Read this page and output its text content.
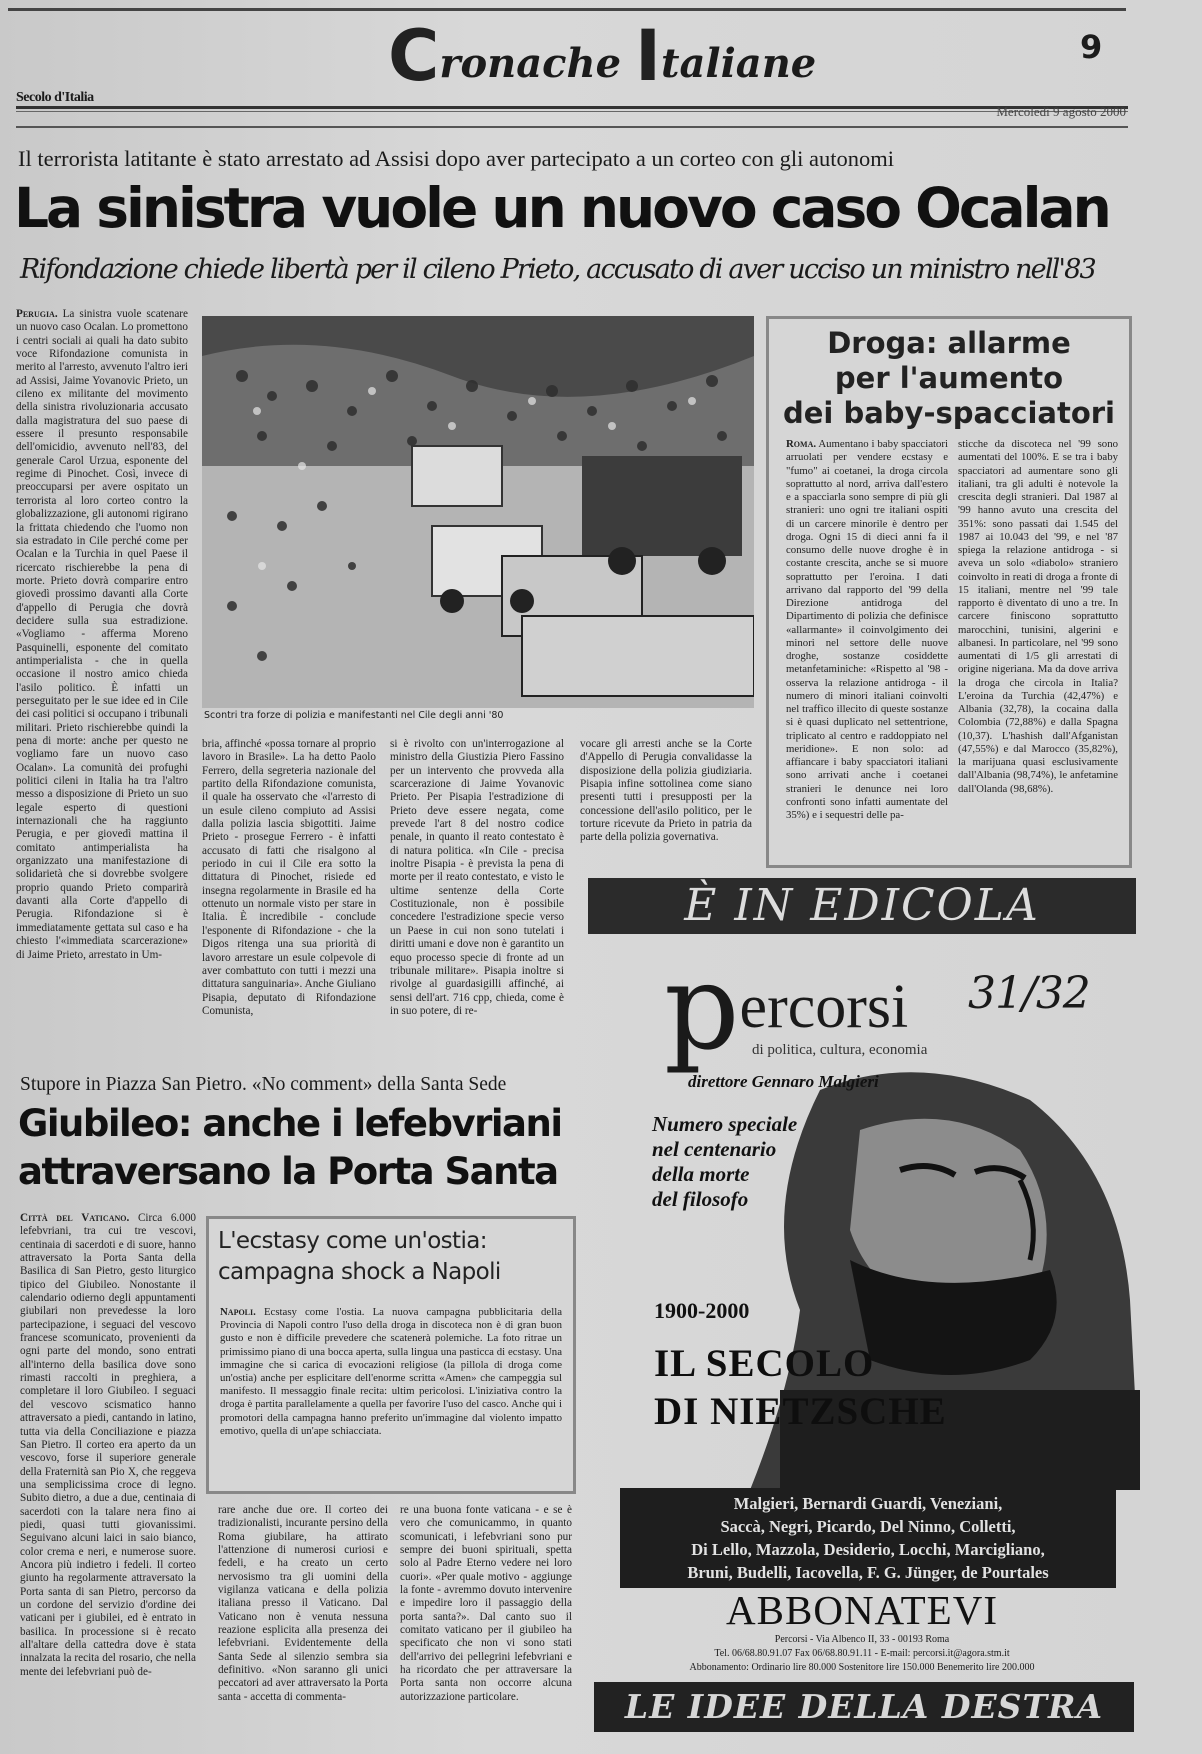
Cronache Italiane	9
Secolo d'Italia
Mercoledì 9 agosto 2000
Il terrorista latitante è stato arrestato ad Assisi dopo aver partecipato a un corteo con gli autonomi
La sinistra vuole un nuovo caso Ocalan
Rifondazione chiede libertà per il cileno Prieto, accusato di aver ucciso un ministro nell'83
Perugia. La sinistra vuole scatenare un nuovo caso Ocalan. Lo promettono i centri sociali ai quali ha dato subito voce Rifondazione comunista in merito al l'arresto, avvenuto l'altro ieri ad Assisi, Jaime Yovanovic Prieto, un cileno ex militante del movimento della sinistra rivoluzionaria accusato dalla magistratura del suo paese di essere il presunto responsabile dell'omicidio, avvenuto nell'83, del generale Carol Urzua, esponente del regime di Pinochet. Così, invece di preoccuparsi per avere ospitato un terrorista al loro corteo contro la globalizzazione, gli autonomi rigirano la frittata chiedendo che l'uomo non sia estradato in Cile perché come per Ocalan e la Turchia in quel Paese il ricercato rischierebbe la pena di morte. Prieto dovrà comparire entro giovedì prossimo davanti alla Corte d'appello di Perugia che dovrà decidere sulla sua estradizione. «Vogliamo - afferma Moreno Pasquinelli, esponente del comitato antimperialista - che in quella occasione il nostro amico chieda l'asilo politico. È infatti un perseguitato per le sue idee ed in Cile dei casi politici si occupano i tribunali militari. Prieto rischierebbe quindi la pena di morte: anche per questo ne vogliamo fare un nuovo caso Ocalan». La comunità dei profughi politici cileni in Italia ha tra l'altro messo a disposizione di Prieto un suo legale esperto di questioni internazionali che ha raggiunto Perugia, e per giovedì mattina il comitato antimperialista ha organizzato una manifestazione di solidarietà che si dovrebbe svolgere proprio quando Prieto comparirà davanti alla Corte d'appello di Perugia. Rifondazione si è immediatamente gettata sul caso e ha chiesto l'«immediata scarcerazione» di Jaime Prieto, arrestato in Um-
Scontri tra forze di polizia e manifestanti nel Cile degli anni '80
bria, affinché «possa tornare al proprio lavoro in Brasile». La ha detto Paolo Ferrero, della segreteria nazionale del partito della Rifondazione comunista, il quale ha osservato che «l'arresto di un esule cileno compiuto ad Assisi dalla polizia lascia sbigottiti. Jaime Prieto - prosegue Ferrero - è infatti accusato di fatti che risalgono al periodo in cui il Cile era sotto la dittatura di Pinochet, risiede ed insegna regolarmente in Brasile ed ha ottenuto un normale visto per stare in Italia. È incredibile - conclude l'esponente di Rifondazione - che la Digos ritenga una sua priorità di lavoro arrestare un esule colpevole di aver combattuto con tutti i mezzi una dittatura sanguinaria». Anche Giuliano Pisapia, deputato di Rifondazione Comunista,
si è rivolto con un'interrogazione al ministro della Giustizia Piero Fassino per un intervento che provveda alla scarcerazione di Jaime Yovanovic Prieto. Per Pisapia l'estradizione di Prieto deve essere negata, come prevede l'art 8 del nostro codice penale, in quanto il reato contestato è di natura politica. «In Cile - precisa inoltre Pisapia - è prevista la pena di morte per il reato contestato, e visto le ultime sentenze della Corte Costituzionale, non è possibile concedere l'estradizione specie verso un Paese in cui non sono tutelati i diritti umani e dove non è garantito un equo processo specie di fronte ad un tribunale militare». Pisapia inoltre si rivolge al guardasigilli affinché, ai sensi dell'art. 716 cpp, chieda, come è in suo potere, di re-
vocare gli arresti anche se la Corte d'Appello di Perugia convalidasse la disposizione della polizia giudiziaria. Pisapia infine sottolinea come siano presenti tutti i presupposti per la concessione dell'asilo politico, per le torture ricevute da Prieto in patria da parte della polizia governativa.
Droga: allarme
per l'aumento
dei baby-spacciatori
Roma. Aumentano i baby spacciatori arruolati per vendere ecstasy e "fumo" ai coetanei, la droga circola soprattutto al nord, arriva dall'estero e a spacciarla sono sempre di più gli stranieri: uno ogni tre italiani ospiti di un carcere minorile è dentro per droga. Ogni 15 di dieci anni fa il consumo delle nuove droghe è in costante crescita, anche se si muore soprattutto per l'eroina. I dati arrivano dal rapporto del '99 della Direzione antidroga del Dipartimento di polizia che definisce «allarmante» il coinvolgimento dei minori nel settore delle nuove droghe, sostanze cosiddette metanfetaminiche: «Rispetto al '98 - osserva la relazione antidroga - il numero di minori italiani coinvolti nel traffico illecito di queste sostanze si è quasi duplicato nel settentrione, triplicato al centro e raddoppiato nel meridione». E non solo: ad affiancare i baby spacciatori italiani sono arrivati anche i coetanei stranieri le denunce nei loro confronti sono infatti aumentate del 35%) e i sequestri delle pa-
sticche da discoteca nel '99 sono aumentati del 100%. E se tra i baby spacciatori ad aumentare sono gli italiani, tra gli adulti è notevole la crescita degli stranieri. Dal 1987 al '99 hanno avuto una crescita del 351%: sono passati dai 1.545 del 1987 ai 10.043 del '99, e nel '87 spiega la relazione antidroga - si aveva un solo «diabolo» straniero coinvolto in reati di droga a fronte di 15 italiani, mentre nel '99 tale rapporto è diventato di uno a tre. In carcere finiscono soprattutto marocchini, tunisini, algerini e albanesi. In particolare, nel '99 sono aumentati di 1/5 gli arrestati di origine nigeriana. Ma da dove arriva la droga che circola in Italia? L'eroina da Turchia (42,47%) e Albania (32,78), la cocaina dalla Colombia (72,88%) e dalla Spagna (10,37). L'hashish dall'Afganistan (47,55%) e dal Marocco (35,82%), la marijuana quasi esclusivamente dall'Albania (98,74%), le anfetamine dall'Olanda (98,68%).
È IN EDICOLA
percorsi 31/32
di politica, cultura, economia
direttore Gennaro Malgieri
Numero speciale
nel centenario
della morte
del filosofo
1900-2000
IL SECOLO
DI NIETZSCHE
Malgieri, Bernardi Guardi, Veneziani,
Saccà, Negri, Picardo, Del Ninno, Colletti,
Di Lello, Mazzola, Desiderio, Locchi, Marcigliano,
Bruni, Budelli, Iacovella, F. G. Jünger, de Pourtales
ABBONATEVI
Percorsi - Via Albenco II, 33 - 00193 Roma
Tel. 06/68.80.91.07 Fax 06/68.80.91.11 - E-mail: percorsi.it@agora.stm.it
Abbonamento: Ordinario lire 80.000 Sostenitore lire 150.000 Benemerito lire 200.000
LE IDEE DELLA DESTRA
Stupore in Piazza San Pietro. «No comment» della Santa Sede
Giubileo: anche i lefebvriani
attraversano la Porta Santa
Città del Vaticano. Circa 6.000 lefebvriani, tra cui tre vescovi, centinaia di sacerdoti e di suore, hanno attraversato la Porta Santa della Basilica di San Pietro, gesto liturgico tipico del Giubileo. Nonostante il calendario odierno degli appuntamenti giubilari non prevedesse la loro partecipazione, i seguaci del vescovo francese scomunicato, provenienti da ogni parte del mondo, sono entrati all'interno della basilica dove sono rimasti raccolti in preghiera, a completare il loro Giubileo. I seguaci del vescovo scismatico hanno attraversato a piedi, cantando in latino, tutta via della Conciliazione e piazza San Pietro. Il corteo era aperto da un vescovo, forse il superiore generale della Fraternità san Pio X, che reggeva una semplicissima croce di legno. Subito dietro, a due a due, centinaia di sacerdoti con la talare nera fino ai piedi, quasi tutti giovanissimi. Seguivano alcuni laici in saio bianco, color crema e neri, e numerose suore. Ancora più indietro i fedeli. Il corteo giunto ha regolarmente attraversato la Porta santa di san Pietro, percorso da un cordone del servizio d'ordine dei vaticani per i giubilei, ed è entrato in basilica. In processione si è recato all'altare della cattedra dove è stata innalzata la recita del rosario, che nella mente dei lefebvriani può de-
rare anche due ore. Il corteo dei tradizionalisti, incurante persino della Roma giubilare, ha attirato l'attenzione di numerosi curiosi e fedeli, e ha creato un certo nervosismo tra gli uomini della vigilanza vaticana e della polizia italiana presso il Vaticano. Dal Vaticano non è venuta nessuna reazione esplicita alla presenza dei lefebvriani. Evidentemente della Santa Sede al silenzio sembra sia definitivo. «Non saranno gli unici peccatori ad aver attraversato la Porta santa - accetta di commenta-
re una buona fonte vaticana - e se è vero che comunicammo, in quanto scomunicati, i lefebvriani sono pur sempre dei buoni spirituali, spetta solo al Padre Eterno vedere nei loro cuori». «Per quale motivo - aggiunge la fonte - avremmo dovuto intervenire e impedire loro il passaggio della porta santa?». Dal canto suo il comitato vaticano per il giubileo ha specificato che non vi sono stati dell'arrivo dei pellegrini lefebvriani e ha ricordato che per attraversare la Porta santa non occorre alcuna autorizzazione particolare.
L'ecstasy come un'ostia:
campagna shock a Napoli
Napoli. Ecstasy come l'ostia. La nuova campagna pubblicitaria della Provincia di Napoli contro l'uso della droga in discoteca non è di gran buon gusto e non è difficile prevedere che scatenerà polemiche. La foto ritrae un primissimo piano di una bocca aperta, sulla lingua una pasticca di ecstasy. Una immagine che si carica di evocazioni religiose (la pillola di droga come un'ostia) anche per esplicitare dell'enorme scritta «Amen» che campeggia sul manifesto. Il messaggio finale recita: ultim pericolosi. L'iniziativa contro la droga è partita parallelamente a quella per favorire l'uso del casco. Anche qui i promotori della campagna hanno preferito un'immagine dal violento impatto emotivo, quella di un'ape schiacciata.
